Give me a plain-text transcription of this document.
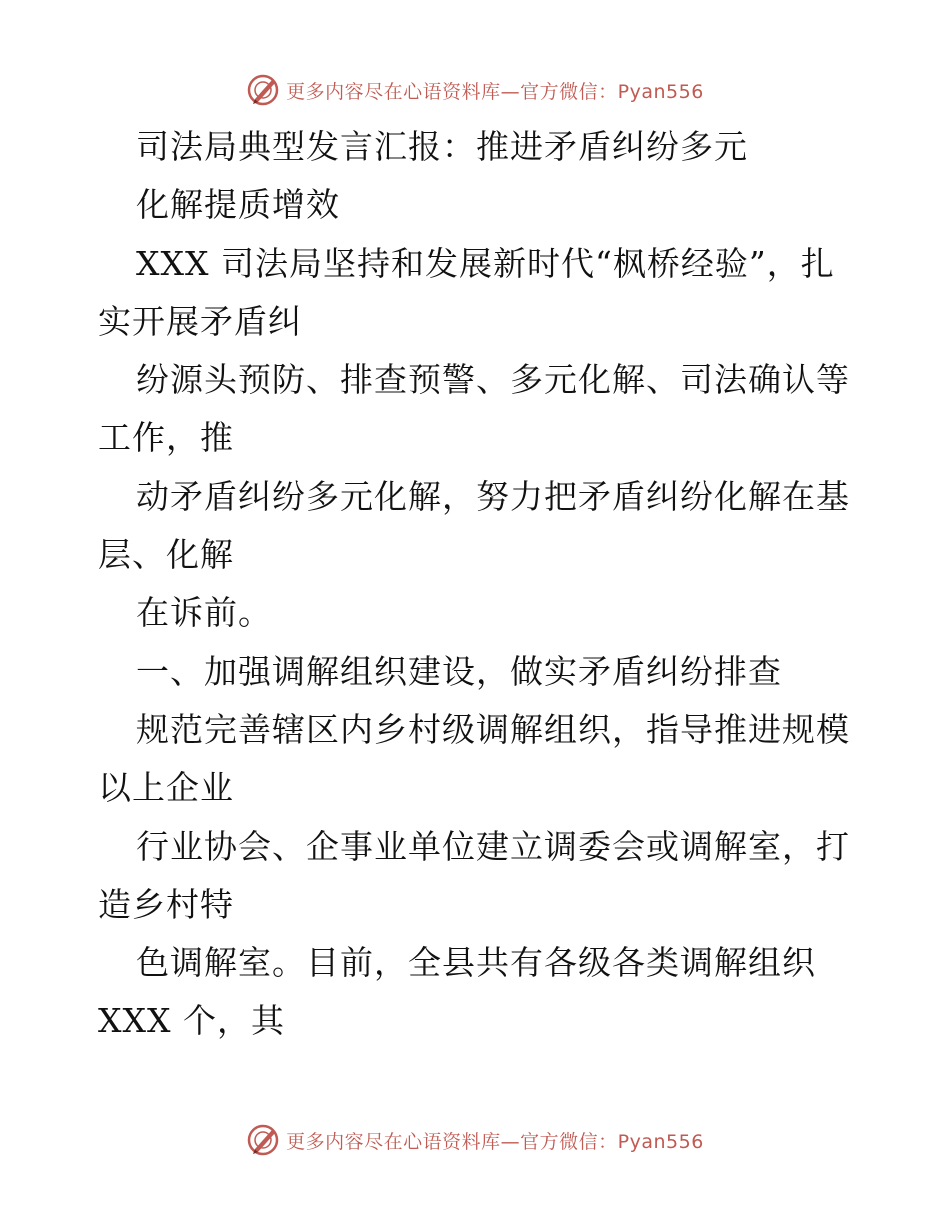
更多内容尽在心语资料库—官方微信：Pyan556
司法局典型发言汇报：推进矛盾纠纷多元
化解提质增效
XXX 司法局坚持和发展新时代“枫桥经验”，扎
实开展矛盾纠
纷源头预防、排查预警、多元化解、司法确认等
工作，推
动矛盾纠纷多元化解，努力把矛盾纠纷化解在基
层、化解
在诉前。
一、加强调解组织建设，做实矛盾纠纷排查
规范完善辖区内乡村级调解组织，指导推进规模
以上企业
行业协会、企事业单位建立调委会或调解室，打
造乡村特
色调解室。目前，全县共有各级各类调解组织
XXX 个，其
更多内容尽在心语资料库—官方微信：Pyan556
